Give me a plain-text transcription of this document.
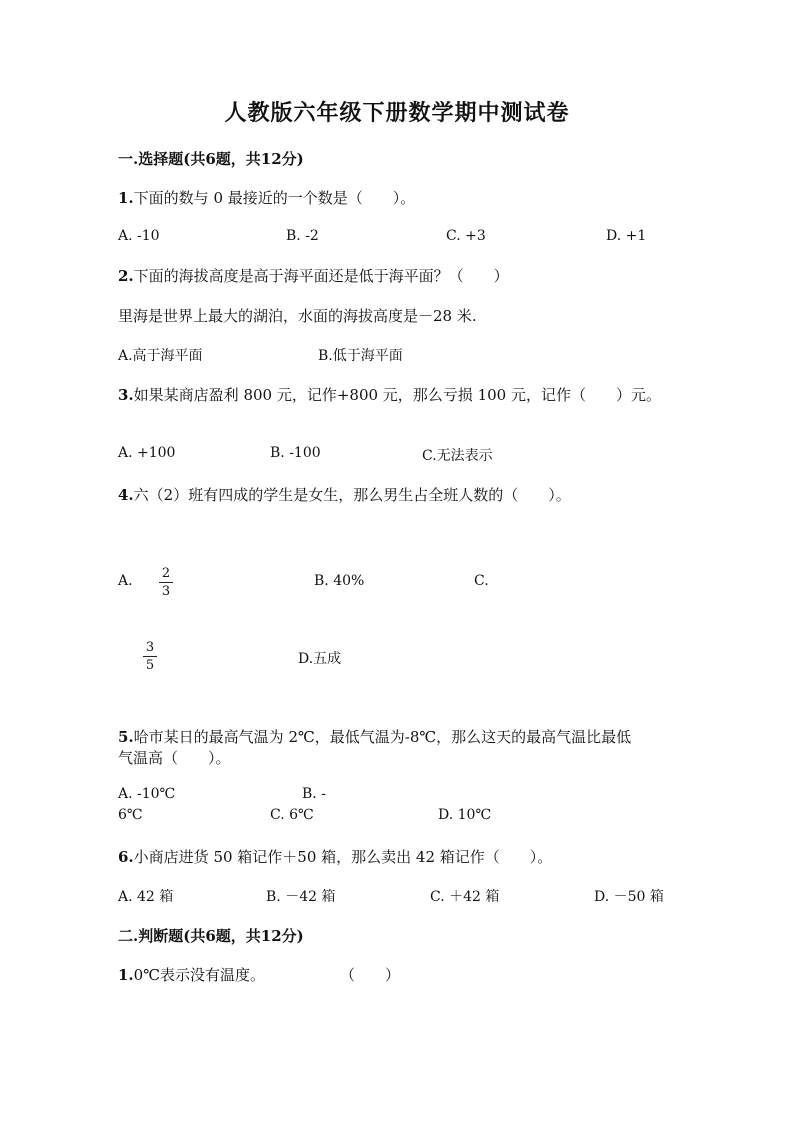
人教版六年级下册数学期中测试卷
一.选择题(共6题，共12分)
1.下面的数与 0 最接近的一个数是（　　）。
A. -10	B. -2	C. +3	D. +1
2.下面的海拔高度是高于海平面还是低于海平面？（　　）
里海是世界上最大的湖泊，水面的海拔高度是－28 米.
A.高于海平面	B.低于海平面
3.如果某商店盈利 800 元，记作+800 元，那么亏损 100 元，记作（　　）元。
A. +100	B. -100	C.无法表示
4.六（2）班有四成的学生是女生，那么男生占全班人数的（　　）。
A. 2
3
B. 40%	C.
3
5	D.五成
5.哈市某日的最高气温为 2℃，最低气温为-8℃，那么这天的最高气温比最低
气温高（　　）。
A. -10℃	B. -
6℃	C. 6℃	D. 10℃
6.小商店进货 50 箱记作＋50 箱，那么卖出 42 箱记作（　　）。
A. 42 箱	B. －42 箱	C. ＋42 箱	D. －50 箱
二.判断题(共6题，共12分)
1.0℃表示没有温度。	（　　）
